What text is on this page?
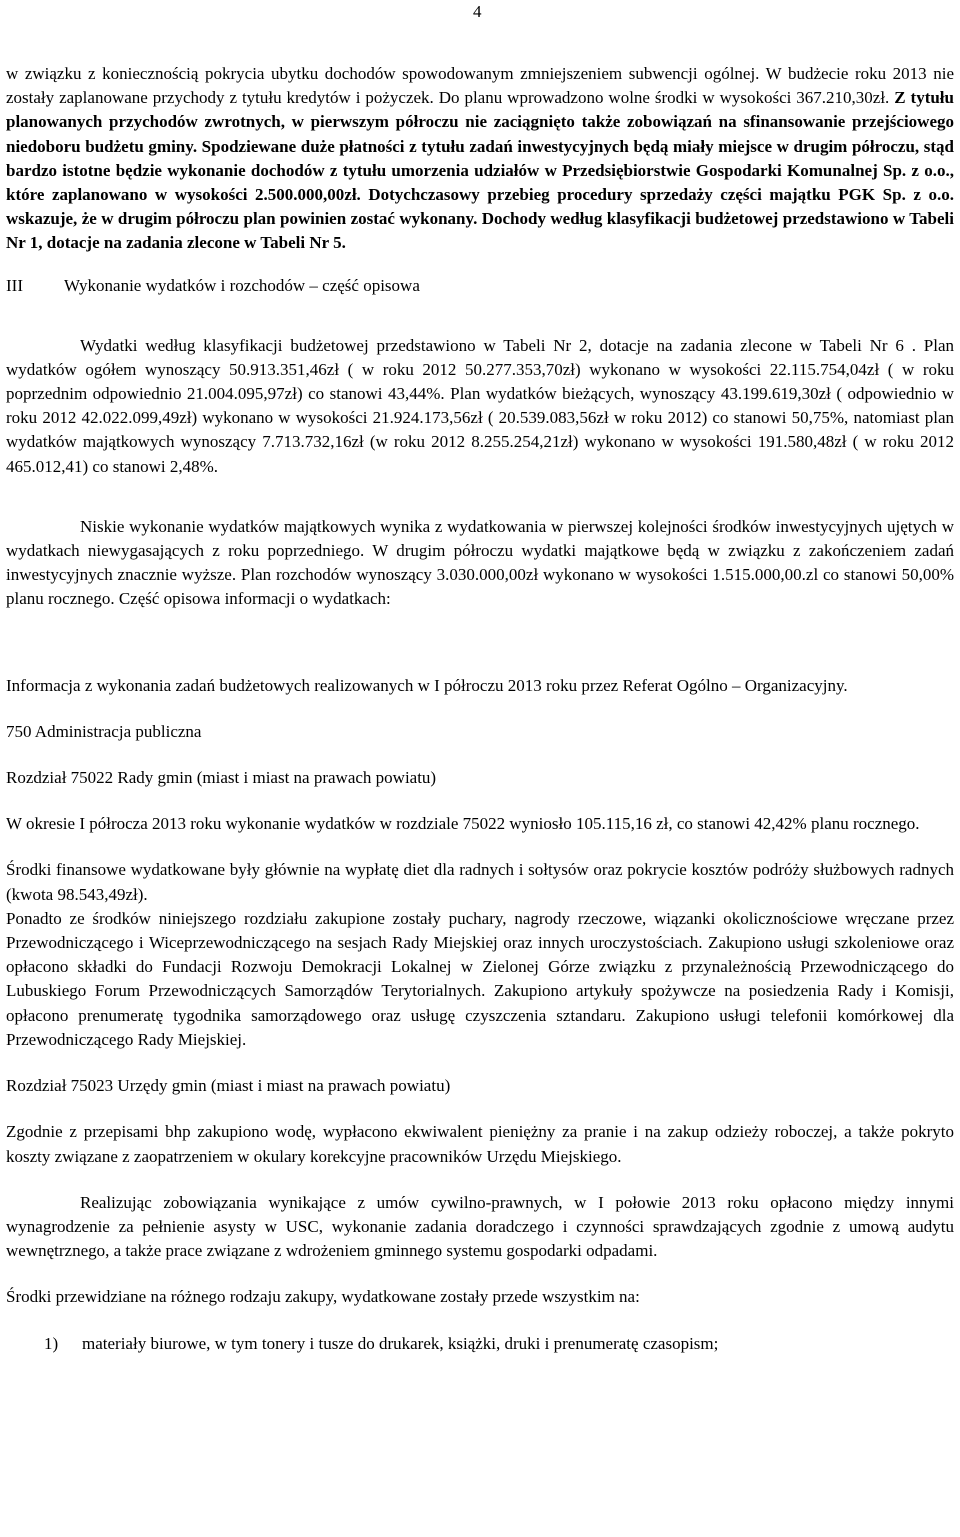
4

w związku z koniecznością pokrycia ubytku dochodów spowodowanym zmniejszeniem subwencji ogólnej. W budżecie roku 2013 nie zostały zaplanowane przychody z tytułu kredytów i pożyczek. Do planu wprowadzono wolne środki w wysokości 367.210,30zł. Z tytułu planowanych przychodów zwrotnych, w pierwszym półroczu nie zaciągnięto także zobowiązań na sfinansowanie przejściowego niedoboru budżetu gminy. Spodziewane duże płatności z tytułu zadań inwestycyjnych będą miały miejsce w drugim półroczu, stąd bardzo istotne będzie wykonanie dochodów z tytułu umorzenia udziałów w Przedsiębiorstwie Gospodarki Komunalnej Sp. z o.o., które zaplanowano w wysokości 2.500.000,00zł. Dotychczasowy przebieg procedury sprzedaży części majątku PGK Sp. z o.o. wskazuje, że w drugim półroczu plan powinien zostać wykonany. Dochody według klasyfikacji budżetowej przedstawiono w Tabeli Nr 1, dotacje na zadania zlecone w Tabeli Nr 5.

III	Wykonanie wydatków i rozchodów – część opisowa

Wydatki według klasyfikacji budżetowej przedstawiono w Tabeli Nr 2, dotacje na zadania zlecone w Tabeli Nr 6 . Plan wydatków ogółem wynoszący 50.913.351,46zł ( w roku 2012 50.277.353,70zł) wykonano w wysokości 22.115.754,04zł ( w roku poprzednim odpowiednio 21.004.095,97zł) co stanowi 43,44%. Plan wydatków bieżących, wynoszący 43.199.619,30zł ( odpowiednio w roku 2012 42.022.099,49zł) wykonano w wysokości 21.924.173,56zł ( 20.539.083,56zł w roku 2012) co stanowi 50,75%, natomiast plan wydatków majątkowych wynoszący 7.713.732,16zł (w roku 2012 8.255.254,21zł) wykonano w wysokości 191.580,48zł ( w roku 2012 465.012,41) co stanowi 2,48%.

Niskie wykonanie wydatków majątkowych wynika z wydatkowania w pierwszej kolejności środków inwestycyjnych ujętych w wydatkach niewygasających z roku poprzedniego. W drugim półroczu wydatki majątkowe będą w związku z zakończeniem zadań inwestycyjnych znacznie wyższe. Plan rozchodów wynoszący 3.030.000,00zł wykonano w wysokości 1.515.000,00.zl co stanowi 50,00% planu rocznego. Część opisowa informacji o wydatkach:

Informacja z wykonania zadań budżetowych realizowanych w I półroczu 2013 roku przez Referat Ogólno – Organizacyjny.

750 Administracja publiczna

Rozdział 75022 Rady gmin (miast i miast na prawach powiatu)

W okresie I półrocza 2013 roku wykonanie wydatków w rozdziale 75022 wyniosło 105.115,16 zł, co stanowi 42,42% planu rocznego.

Środki finansowe wydatkowane były głównie na wypłatę diet dla radnych i sołtysów oraz pokrycie kosztów podróży służbowych radnych (kwota 98.543,49zł).

Ponadto ze środków niniejszego rozdziału zakupione zostały puchary, nagrody rzeczowe, wiązanki okolicznościowe wręczane przez Przewodniczącego i Wiceprzewodniczącego na sesjach Rady Miejskiej oraz innych uroczystościach. Zakupiono usługi szkoleniowe oraz opłacono składki do Fundacji Rozwoju Demokracji Lokalnej w Zielonej Górze związku z przynależnością Przewodniczącego do Lubuskiego Forum Przewodniczących Samorządów Terytorialnych. Zakupiono artykuły spożywcze na posiedzenia Rady i Komisji, opłacono prenumeratę tygodnika samorządowego oraz usługę czyszczenia sztandaru. Zakupiono usługi telefonii komórkowej dla Przewodniczącego Rady Miejskiej.

Rozdział 75023 Urzędy gmin (miast i miast na prawach powiatu)

Zgodnie z przepisami bhp zakupiono wodę, wypłacono ekwiwalent pieniężny za pranie i na zakup odzieży roboczej, a także pokryto koszty związane z zaopatrzeniem w okulary korekcyjne pracowników Urzędu Miejskiego.

Realizując zobowiązania wynikające z umów cywilno-prawnych, w I połowie 2013 roku opłacono między innymi wynagrodzenie za pełnienie asysty w USC, wykonanie zadania doradczego i czynności sprawdzających zgodnie z umową audytu wewnętrznego, a także prace związane z wdrożeniem gminnego systemu gospodarki odpadami.

Środki przewidziane na różnego rodzaju zakupy, wydatkowane zostały przede wszystkim na:

1)	materiały biurowe, w tym tonery i tusze do drukarek, książki, druki i prenumeratę czasopism;
